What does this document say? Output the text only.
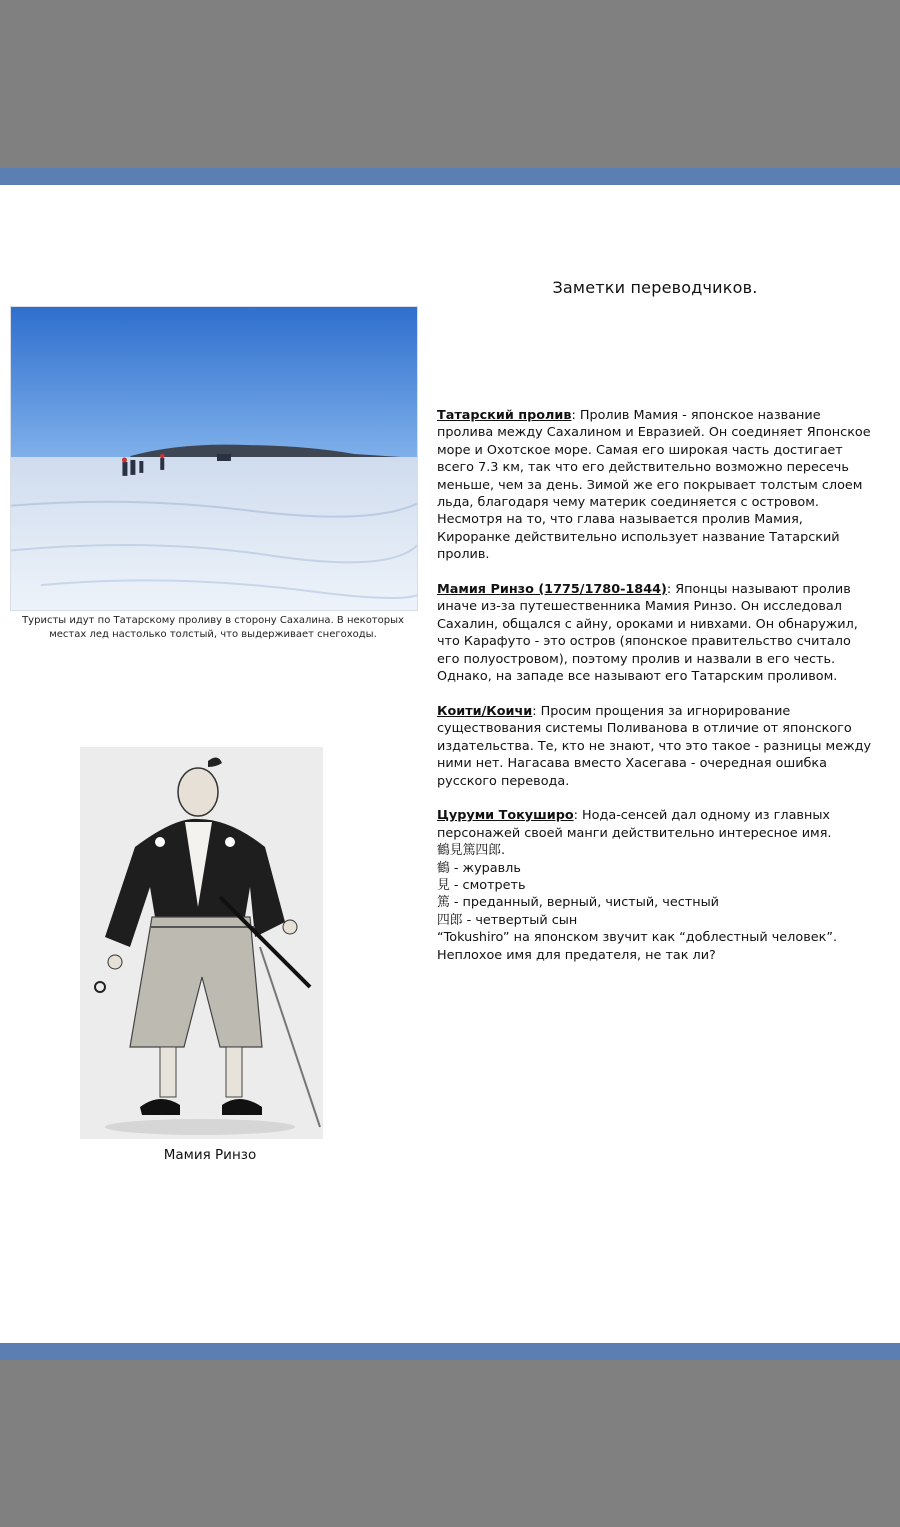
Заметки переводчиков.
Туристы идут по Татарскому проливу в сторону Сахалина. В некоторых местах лед настолько толстый, что выдерживает снегоходы.
Мамия Ринзо

Татарский пролив: Пролив Мамия - японское название пролива между Сахалином и Евразией. Он соединяет Японское море и Охотское море. Самая его широкая часть достигает всего 7.3 км, так что его действительно возможно пересечь меньше, чем за день. Зимой же его покрывает толстым слоем льда, благодаря чему материк соединяется с островом. Несмотря на то, что глава называется пролив Мамия, Кироранке действительно использует название Татарский пролив.

Мамия Ринзо (1775/1780-1844): Японцы называют пролив иначе из-за путешественника Мамия Ринзо. Он исследовал Сахалин, общался с айну, ороками и нивхами. Он обнаружил, что Карафуто - это остров (японское правительство считало его полуостровом), поэтому пролив и назвали в его честь. Однако, на западе все называют его Татарским проливом.

Коити/Коичи: Просим прощения за игнорирование существования системы Поливанова в отличие от японского издательства. Те, кто не знают, что это такое - разницы между ними нет. Нагасава вместо Хасегава - очередная ошибка русского перевода.

Цуруми Токуширо: Нода-сенсей дал одному из главных персонажей своей манги действительно интересное имя.
鶴見篤四郎.
鶴 - журавль
見 - смотреть
篤 - преданный, верный, чистый, честный
四郎 - четвертый сын
“Tokushiro” на японском звучит как “доблестный человек”.
Неплохое имя для предателя, не так ли?
